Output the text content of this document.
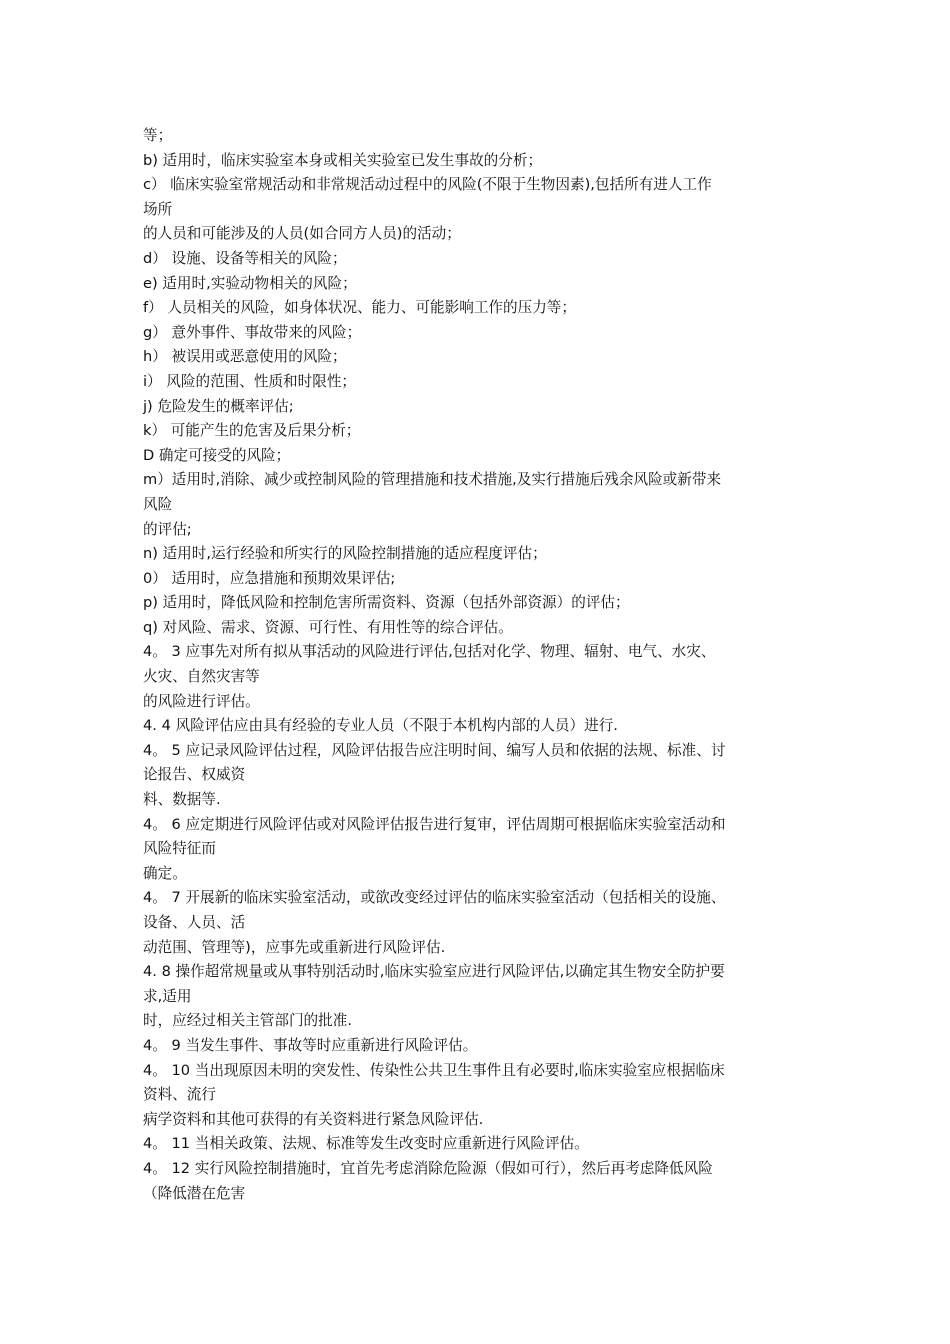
等；
b) 适用时，临床实验室本身或相关实验室已发生事故的分析；
c） 临床实验室常规活动和非常规活动过程中的风险(不限于生物因素),包括所有进人工作
场所
的人员和可能涉及的人员(如合同方人员)的活动；
d） 设施、设备等相关的风险；
e) 适用时,实验动物相关的风险；
f） 人员相关的风险，如身体状况、能力、可能影响工作的压力等；
g） 意外事件、事故带来的风险；
h） 被误用或恶意使用的风险；
i） 风险的范围、性质和时限性；
j) 危险发生的概率评估;
k） 可能产生的危害及后果分析；
D 确定可接受的风险；
m）适用时,消除、减少或控制风险的管理措施和技术措施,及实行措施后残余风险或新带来
风险
的评估;
n) 适用时,运行经验和所实行的风险控制措施的适应程度评估；
0） 适用时，应急措施和预期效果评估;
p) 适用时，降低风险和控制危害所需资料、资源（包括外部资源）的评估；
q) 对风险、需求、资源、可行性、有用性等的综合评估。
4。 3 应事先对所有拟从事活动的风险进行评估,包括对化学、物理、辐射、电气、水灾、
火灾、自然灾害等
的风险进行评估。
4. 4 风险评估应由具有经验的专业人员（不限于本机构内部的人员）进行.
4。 5 应记录风险评估过程，风险评估报告应注明时间、编写人员和依据的法规、标准、讨
论报告、权威资
料、数据等.
4。 6 应定期进行风险评估或对风险评估报告进行复审，评估周期可根据临床实验室活动和
风险特征而
确定。
4。 7 开展新的临床实验室活动，或欲改变经过评估的临床实验室活动（包括相关的设施、
设备、人员、活
动范围、管理等)，应事先或重新进行风险评估.
4. 8 操作超常规量或从事特别活动时,临床实验室应进行风险评估,以确定其生物安全防护要
求,适用
时，应经过相关主管部门的批准.
4。 9 当发生事件、事故等时应重新进行风险评估。
4。 10 当出现原因未明的突发性、传染性公共卫生事件且有必要时,临床实验室应根据临床
资料、流行
病学资料和其他可获得的有关资料进行紧急风险评估.
4。 11 当相关政策、法规、标准等发生改变时应重新进行风险评估。
4。 12 实行风险控制措施时，宜首先考虑消除危险源（假如可行），然后再考虑降低风险
（降低潜在危害
